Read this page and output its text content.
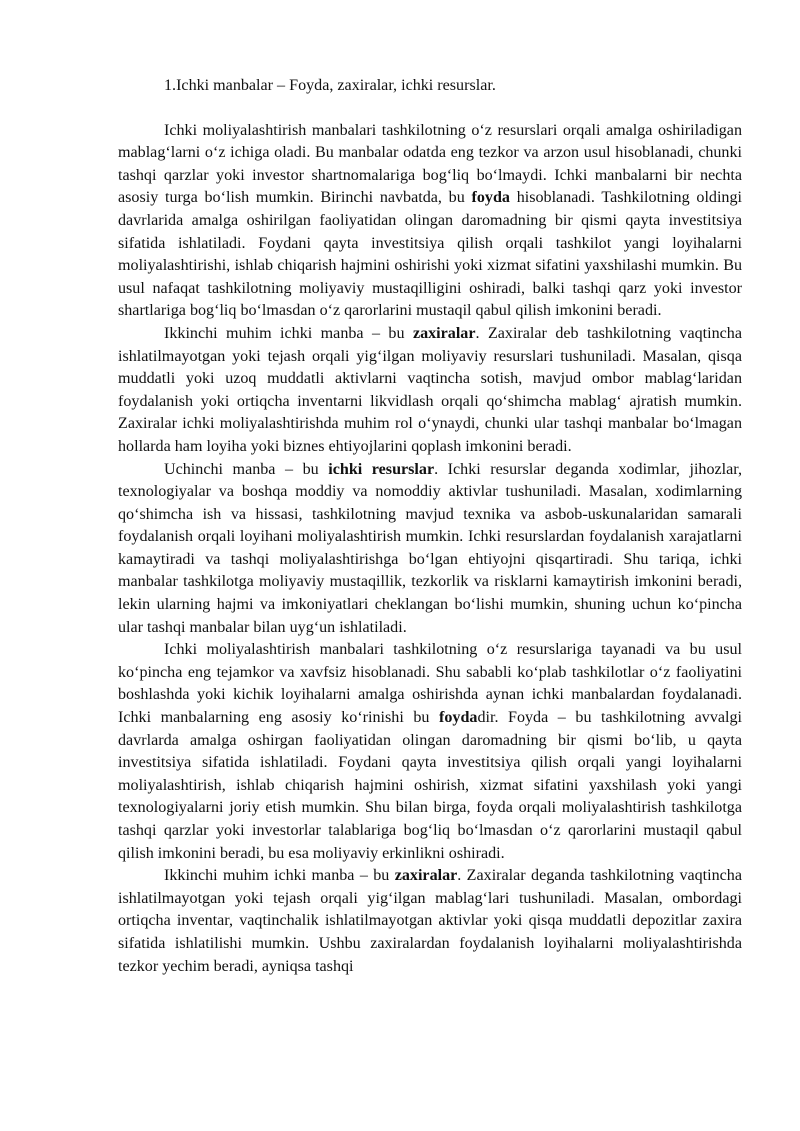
1.Ichki manbalar – Foyda, zaxiralar, ichki resurslar.

Ichki moliyalashtirish manbalari tashkilotning o‘z resurslari orqali amalga oshiriladigan mablag‘larni o‘z ichiga oladi. Bu manbalar odatda eng tezkor va arzon usul hisoblanadi, chunki tashqi qarzlar yoki investor shartnomalariga bog‘liq bo‘lmaydi. Ichki manbalarni bir nechta asosiy turga bo‘lish mumkin. Birinchi navbatda, bu foyda hisoblanadi. Tashkilotning oldingi davrlarida amalga oshirilgan faoliyatidan olingan daromadning bir qismi qayta investitsiya sifatida ishlatiladi. Foydani qayta investitsiya qilish orqali tashkilot yangi loyihalarni moliyalashtirishi, ishlab chiqarish hajmini oshirishi yoki xizmat sifatini yaxshilashi mumkin. Bu usul nafaqat tashkilotning moliyaviy mustaqilligini oshiradi, balki tashqi qarz yoki investor shartlariga bog‘liq bo‘lmasdan o‘z qarorlarini mustaqil qabul qilish imkonini beradi.

Ikkinchi muhim ichki manba – bu zaxiralar. Zaxiralar deb tashkilotning vaqtincha ishlatilmayotgan yoki tejash orqali yig‘ilgan moliyaviy resurslari tushuniladi. Masalan, qisqa muddatli yoki uzoq muddatli aktivlarni vaqtincha sotish, mavjud ombor mablag‘laridan foydalanish yoki ortiqcha inventarni likvidlash orqali qo‘shimcha mablag‘ ajratish mumkin. Zaxiralar ichki moliyalashtirishda muhim rol o‘ynaydi, chunki ular tashqi manbalar bo‘lmagan hollarda ham loyiha yoki biznes ehtiyojlarini qoplash imkonini beradi.

Uchinchi manba – bu ichki resurslar. Ichki resurslar deganda xodimlar, jihozlar, texnologiyalar va boshqa moddiy va nomoddiy aktivlar tushuniladi. Masalan, xodimlarning qo‘shimcha ish va hissasi, tashkilotning mavjud texnika va asbob-uskunalaridan samarali foydalanish orqali loyihani moliyalashtirish mumkin. Ichki resurslardan foydalanish xarajatlarni kamaytiradi va tashqi moliyalashtirishga bo‘lgan ehtiyojni qisqartiradi. Shu tariqa, ichki manbalar tashkilotga moliyaviy mustaqillik, tezkorlik va risklarni kamaytirish imkonini beradi, lekin ularning hajmi va imkoniyatlari cheklangan bo‘lishi mumkin, shuning uchun ko‘pincha ular tashqi manbalar bilan uyg‘un ishlatiladi.

Ichki moliyalashtirish manbalari tashkilotning o‘z resurslariga tayanadi va bu usul ko‘pincha eng tejamkor va xavfsiz hisoblanadi. Shu sababli ko‘plab tashkilotlar o‘z faoliyatini boshlashda yoki kichik loyihalarni amalga oshirishda aynan ichki manbalardan foydalanadi. Ichki manbalarning eng asosiy ko‘rinishi bu foydadir. Foyda – bu tashkilotning avvalgi davrlarda amalga oshirgan faoliyatidan olingan daromadning bir qismi bo‘lib, u qayta investitsiya sifatida ishlatiladi. Foydani qayta investitsiya qilish orqali yangi loyihalarni moliyalashtirish, ishlab chiqarish hajmini oshirish, xizmat sifatini yaxshilash yoki yangi texnologiyalarni joriy etish mumkin. Shu bilan birga, foyda orqali moliyalashtirish tashkilotga tashqi qarzlar yoki investorlar talablariga bog‘liq bo‘lmasdan o‘z qarorlarini mustaqil qabul qilish imkonini beradi, bu esa moliyaviy erkinlikni oshiradi.

Ikkinchi muhim ichki manba – bu zaxiralar. Zaxiralar deganda tashkilotning vaqtincha ishlatilmayotgan yoki tejash orqali yig‘ilgan mablag‘lari tushuniladi. Masalan, ombordagi ortiqcha inventar, vaqtinchalik ishlatilmayotgan aktivlar yoki qisqa muddatli depozitlar zaxira sifatida ishlatilishi mumkin. Ushbu zaxiralardan foydalanish loyihalarni moliyalashtirishda tezkor yechim beradi, ayniqsa tashqi
